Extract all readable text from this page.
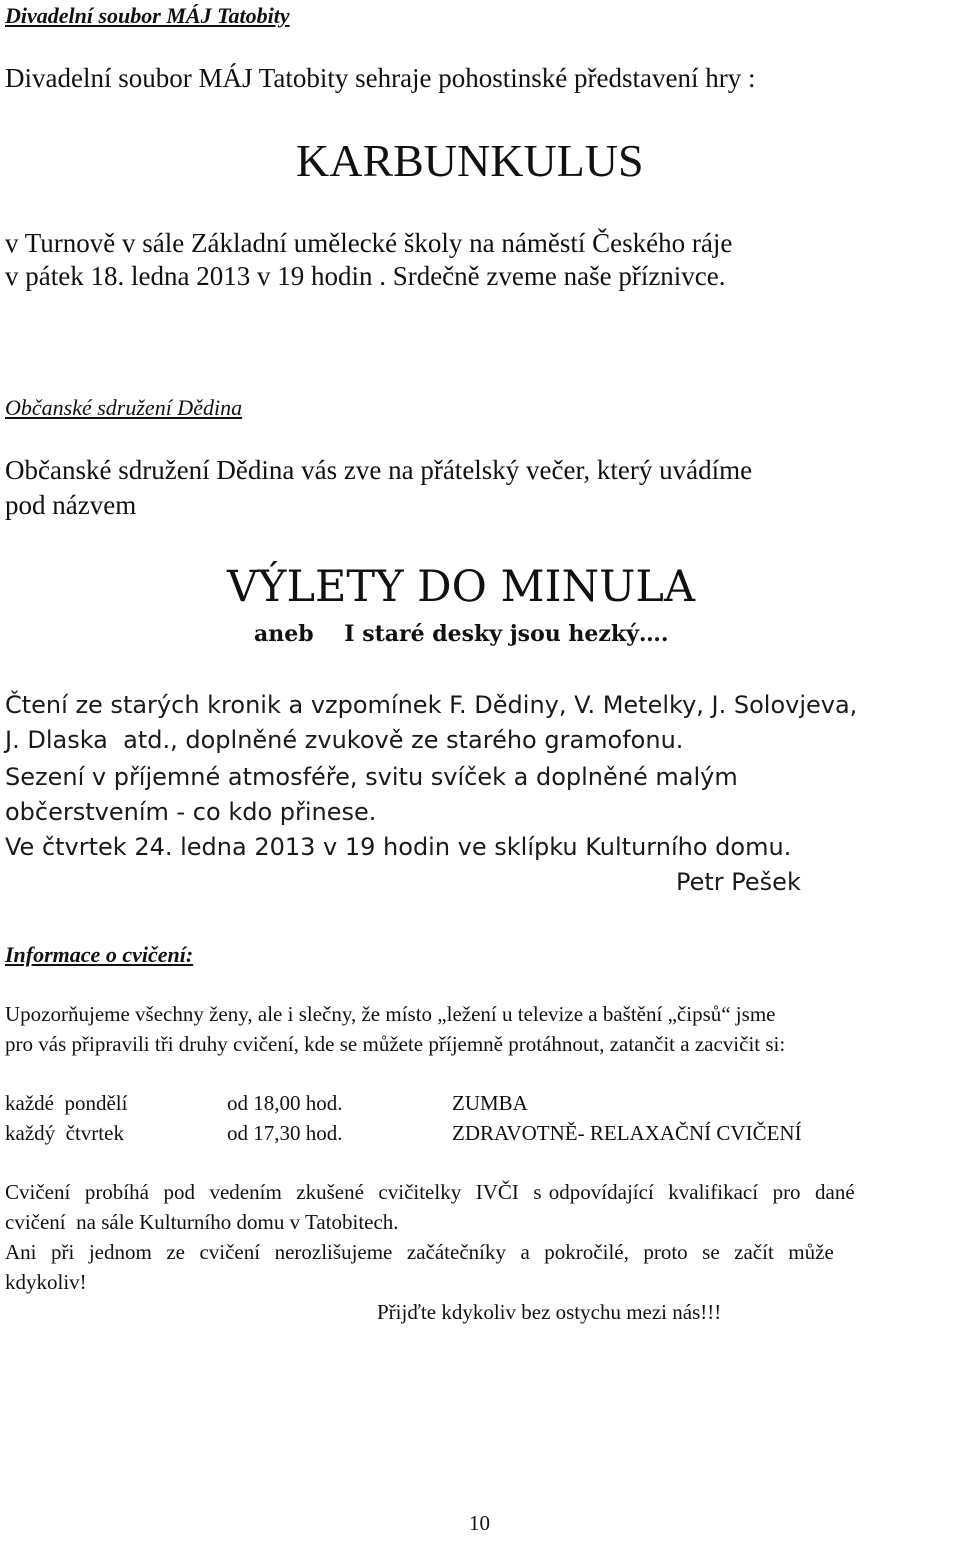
Divadelní soubor MÁJ Tatobity

Divadelní soubor MÁJ Tatobity sehraje pohostinské představení hry :

KARBUNKULUS

v Turnově v sále Základní umělecké školy na náměstí Českého ráje

v pátek 18. ledna 2013 v 19 hodin . Srdečně zveme naše příznivce.

Občanské sdružení Dědina

Občanské sdružení Dědina vás zve na přátelský večer, který uvádíme

pod názvem

VÝLETY DO MINULA

aneb    I staré desky jsou hezký….

Čtení ze starých kronik a vzpomínek F. Dědiny, V. Metelky, J. Solovjeva,

J. Dlaska  atd., doplněné zvukově ze starého gramofonu.

Sezení v příjemné atmosféře, svitu svíček a doplněné malým

občerstvením - co kdo přinese.

Ve čtvrtek 24. ledna 2013 v 19 hodin ve sklípku Kulturního domu.

Petr Pešek

Informace o cvičení:

Upozorňujeme všechny ženy, ale i slečny, že místo „ležení u televize a baštění „čipsů“ jsme

pro vás připravili tři druhy cvičení, kde se můžete příjemně protáhnout, zatančit a zacvičit si:

každé  pondělí	od 18,00 hod.	ZUMBA

každý  čtvrtek	od 17,30 hod.	ZDRAVOTNĚ- RELAXAČNÍ CVIČENÍ

Cvičení  probíhá  pod  vedením  zkušené  cvičitelky  IVČI  s odpovídající  kvalifikací  pro  dané

cvičení  na sále Kulturního domu v Tatobitech.

Ani  při  jednom  ze  cvičení  nerozlišujeme  začátečníky  a  pokročilé,  proto  se  začít  může

kdykoliv!

Přijďte kdykoliv bez ostychu mezi nás!!!

10
